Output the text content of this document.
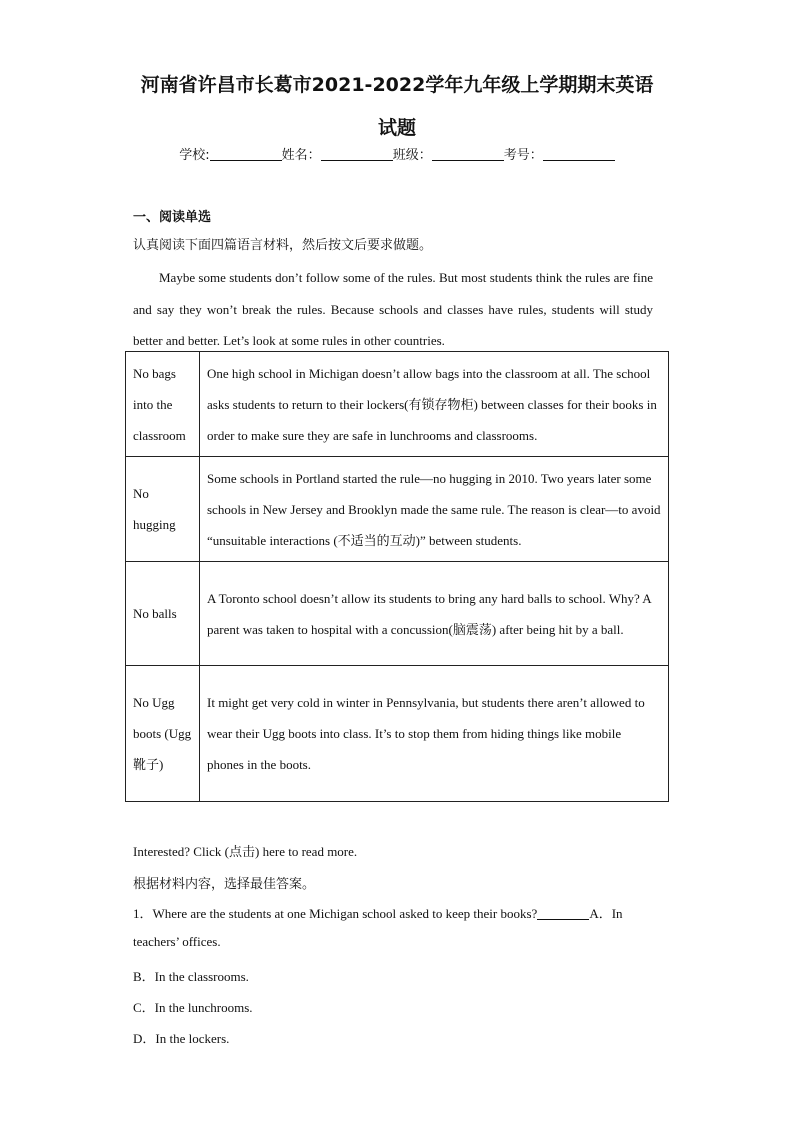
河南省许昌市长葛市2021-2022学年九年级上学期期末英语
试题
学校:	姓名：	班级：	考号：
一、阅读单选
认真阅读下面四篇语言材料，然后按文后要求做题。
Maybe some students don’t follow some of the rules. But most students think the rules are fine and say they won’t break the rules. Because schools and classes have rules, students will study better and better. Let’s look at some rules in other countries.
No bags into the classroom	One high school in Michigan doesn’t allow bags into the classroom at all. The school asks students to return to their lockers(有锁存物柜) between classes for their books in order to make sure they are safe in lunchrooms and classrooms.
No hugging	Some schools in Portland started the rule—no hugging in 2010. Two years later some schools in New Jersey and Brooklyn made the same rule. The reason is clear—to avoid “unsuitable interactions (不适当的互动)” between students.
No balls	A Toronto school doesn’t allow its students to bring any hard balls to school. Why? A parent was taken to hospital with a concussion(脑震荡) after being hit by a ball.
No Ugg boots (Ugg 靴子)	It might get very cold in winter in Pennsylvania, but students there aren’t allowed to wear their Ugg boots into class. It’s to stop them from hiding things like mobile phones in the boots.
Interested? Click (点击) here to read more.
根据材料内容，选择最佳答案。
1．Where are the students at one Michigan school asked to keep their books?	A．In
teachers’ offices.
B．In the classrooms.
C．In the lunchrooms.
D．In the lockers.
